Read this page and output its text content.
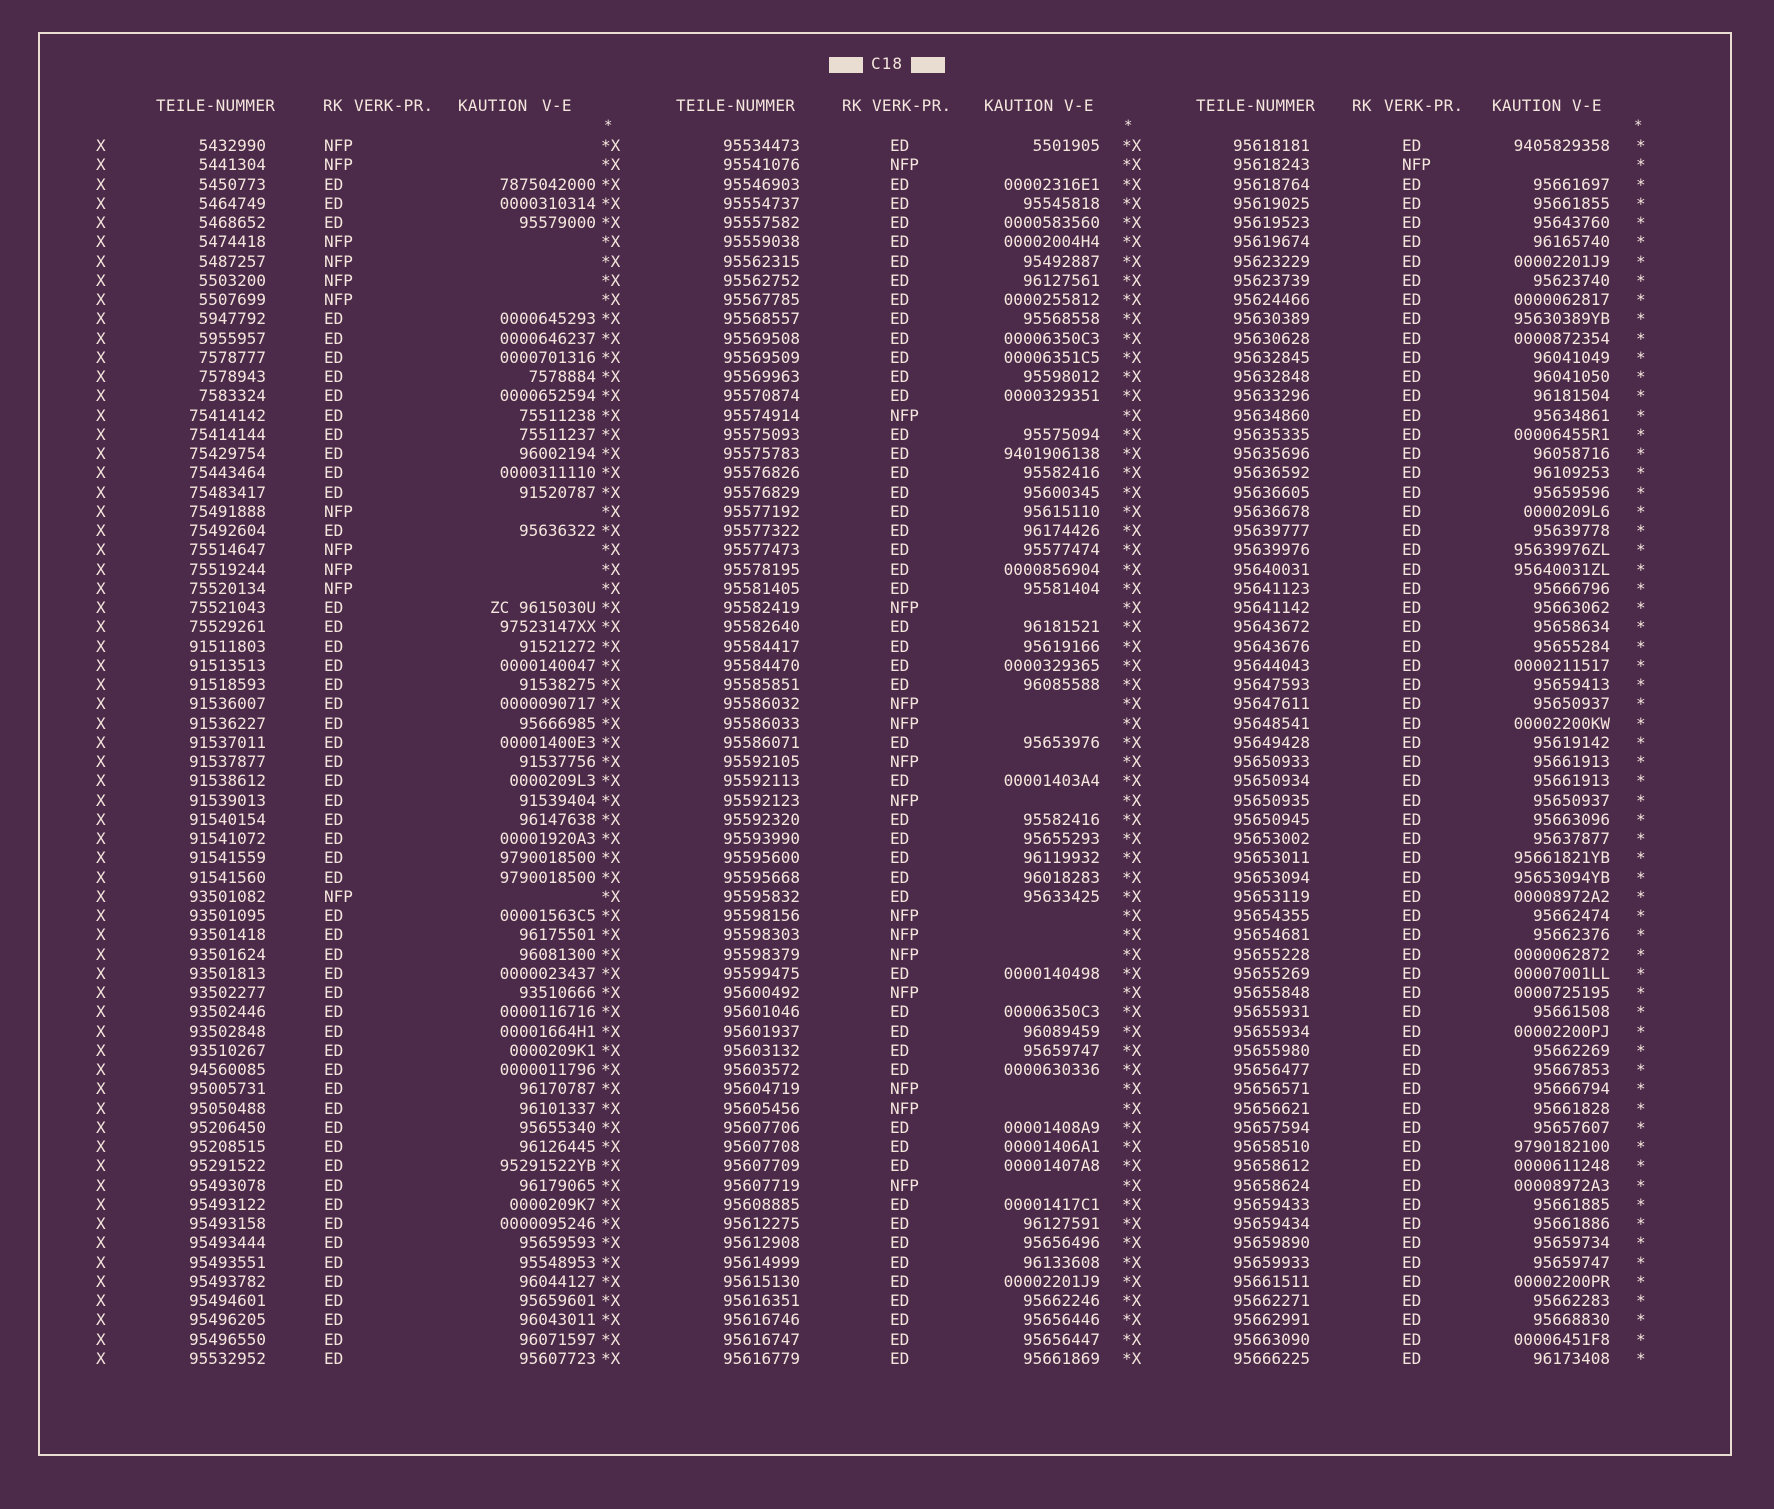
C18
TEILE-NUMMER	RK VERK-PR. KAUTION V-E
*
X	5432990	NFP	*X
X	5441304	NFP	*X
X	5450773	ED	7875042000 *X
X	5464749	ED	0000310314 *X
X	5468652	ED	95579000 *X
X	5474418	NFP	*X
X	5487257	NFP	*X
X	5503200	NFP	*X
X	5507699	NFP	*X
X	5947792	ED	0000645293 *X
X	5955957	ED	0000646237 *X
X	7578777	ED	0000701316 *X
X	7578943	ED	7578884 *X
X	7583324	ED	0000652594 *X
X	75414142	ED	75511238 *X
X	75414144	ED	75511237 *X
X	75429754	ED	96002194 *X
X	75443464	ED	0000311110 *X
X	75483417	ED	91520787 *X
X	75491888	NFP	*X
X	75492604	ED	95636322 *X
X	75514647	NFP	*X
X	75519244	NFP	*X
X	75520134	NFP	*X
X	75521043	ED	ZC 9615030U *X
X	75529261	ED	97523147XX *X
X	91511803	ED	91521272 *X
X	91513513	ED	0000140047 *X
X	91518593	ED	91538275 *X
X	91536007	ED	0000090717 *X
X	91536227	ED	95666985 *X
X	91537011	ED	00001400E3 *X
X	91537877	ED	91537756 *X
X	91538612	ED	0000209L3 *X
X	91539013	ED	91539404 *X
X	91540154	ED	96147638 *X
X	91541072	ED	00001920A3 *X
X	91541559	ED	9790018500 *X
X	91541560	ED	9790018500 *X
X	93501082	NFP	*X
X	93501095	ED	00001563C5 *X
X	93501418	ED	96175501 *X
X	93501624	ED	96081300 *X
X	93501813	ED	0000023437 *X
X	93502277	ED	93510666 *X
X	93502446	ED	0000116716 *X
X	93502848	ED	00001664H1 *X
X	93510267	ED	0000209K1 *X
X	94560085	ED	0000011796 *X
X	95005731	ED	96170787 *X
X	95050488	ED	96101337 *X
X	95206450	ED	95655340 *X
X	95208515	ED	96126445 *X
X	95291522	ED	95291522YB *X
X	95493078	ED	96179065 *X
X	95493122	ED	0000209K7 *X
X	95493158	ED	0000095246 *X
X	95493444	ED	95659593 *X
X	95493551	ED	95548953 *X
X	95493782	ED	96044127 *X
X	95494601	ED	95659601 *X
X	95496205	ED	96043011 *X
X	95496550	ED	96071597 *X
X	95532952	ED	95607723 *X
TEILE-NUMMER	RK VERK-PR. KAUTION V-E
*
95534473	ED	5501905 *X
95541076	NFP	*X
95546903	ED	00002316E1 *X
95554737	ED	95545818 *X
95557582	ED	0000583560 *X
95559038	ED	00002004H4 *X
95562315	ED	95492887 *X
95562752	ED	96127561 *X
95567785	ED	0000255812 *X
95568557	ED	95568558 *X
95569508	ED	00006350C3 *X
95569509	ED	00006351C5 *X
95569963	ED	95598012 *X
95570874	ED	0000329351 *X
95574914	NFP	*X
95575093	ED	95575094 *X
95575783	ED	9401906138 *X
95576826	ED	95582416 *X
95576829	ED	95600345 *X
95577192	ED	95615110 *X
95577322	ED	96174426 *X
95577473	ED	95577474 *X
95578195	ED	0000856904 *X
95581405	ED	95581404 *X
95582419	NFP	*X
95582640	ED	96181521 *X
95584417	ED	95619166 *X
95584470	ED	0000329365 *X
95585851	ED	96085588 *X
95586032	NFP	*X
95586033	NFP	*X
95586071	ED	95653976 *X
95592105	NFP	*X
95592113	ED	00001403A4 *X
95592123	NFP	*X
95592320	ED	95582416 *X
95593990	ED	95655293 *X
95595600	ED	96119932 *X
95595668	ED	96018283 *X
95595832	ED	95633425 *X
95598156	NFP	*X
95598303	NFP	*X
95598379	NFP	*X
95599475	ED	0000140498 *X
95600492	NFP	*X
95601046	ED	00006350C3 *X
95601937	ED	96089459 *X
95603132	ED	95659747 *X
95603572	ED	0000630336 *X
95604719	NFP	*X
95605456	NFP	*X
95607706	ED	00001408A9 *X
95607708	ED	00001406A1 *X
95607709	ED	00001407A8 *X
95607719	NFP	*X
95608885	ED	00001417C1 *X
95612275	ED	96127591 *X
95612908	ED	95656496 *X
95614999	ED	96133608 *X
95615130	ED	00002201J9 *X
95616351	ED	95662246 *X
95616746	ED	95656446 *X
95616747	ED	95656447 *X
95616779	ED	95661869 *X
TEILE-NUMMER RK VERK-PR. KAUTION V-E
*
95618181	ED	9405829358 *
95618243	NFP	*
95618764	ED	95661697 *
95619025	ED	95661855 *
95619523	ED	95643760 *
95619674	ED	96165740 *
95623229	ED	00002201J9 *
95623739	ED	95623740 *
95624466	ED	0000062817 *
95630389	ED	95630389YB *
95630628	ED	0000872354 *
95632845	ED	96041049 *
95632848	ED	96041050 *
95633296	ED	96181504 *
95634860	ED	95634861 *
95635335	ED	00006455R1 *
95635696	ED	96058716 *
95636592	ED	96109253 *
95636605	ED	95659596 *
95636678	ED	0000209L6 *
95639777	ED	95639778 *
95639976	ED	95639976ZL *
95640031	ED	95640031ZL *
95641123	ED	95666796 *
95641142	ED	95663062 *
95643672	ED	95658634 *
95643676	ED	95655284 *
95644043	ED	0000211517 *
95647593	ED	95659413 *
95647611	ED	95650937 *
95648541	ED	00002200KW *
95649428	ED	95619142 *
95650933	ED	95661913 *
95650934	ED	95661913 *
95650935	ED	95650937 *
95650945	ED	95663096 *
95653002	ED	95637877 *
95653011	ED	95661821YB *
95653094	ED	95653094YB *
95653119	ED	00008972A2 *
95654355	ED	95662474 *
95654681	ED	95662376 *
95655228	ED	0000062872 *
95655269	ED	00007001LL *
95655848	ED	0000725195 *
95655931	ED	95661508 *
95655934	ED	00002200PJ *
95655980	ED	95662269 *
95656477	ED	95667853 *
95656571	ED	95666794 *
95656621	ED	95661828 *
95657594	ED	95657607 *
95658510	ED	9790182100 *
95658612	ED	0000611248 *
95658624	ED	00008972A3 *
95659433	ED	95661885 *
95659434	ED	95661886 *
95659890	ED	95659734 *
95659933	ED	95659747 *
95661511	ED	00002200PR *
95662271	ED	95662283 *
95662991	ED	95668830 *
95663090	ED	00006451F8 *
95666225	ED	96173408 *
